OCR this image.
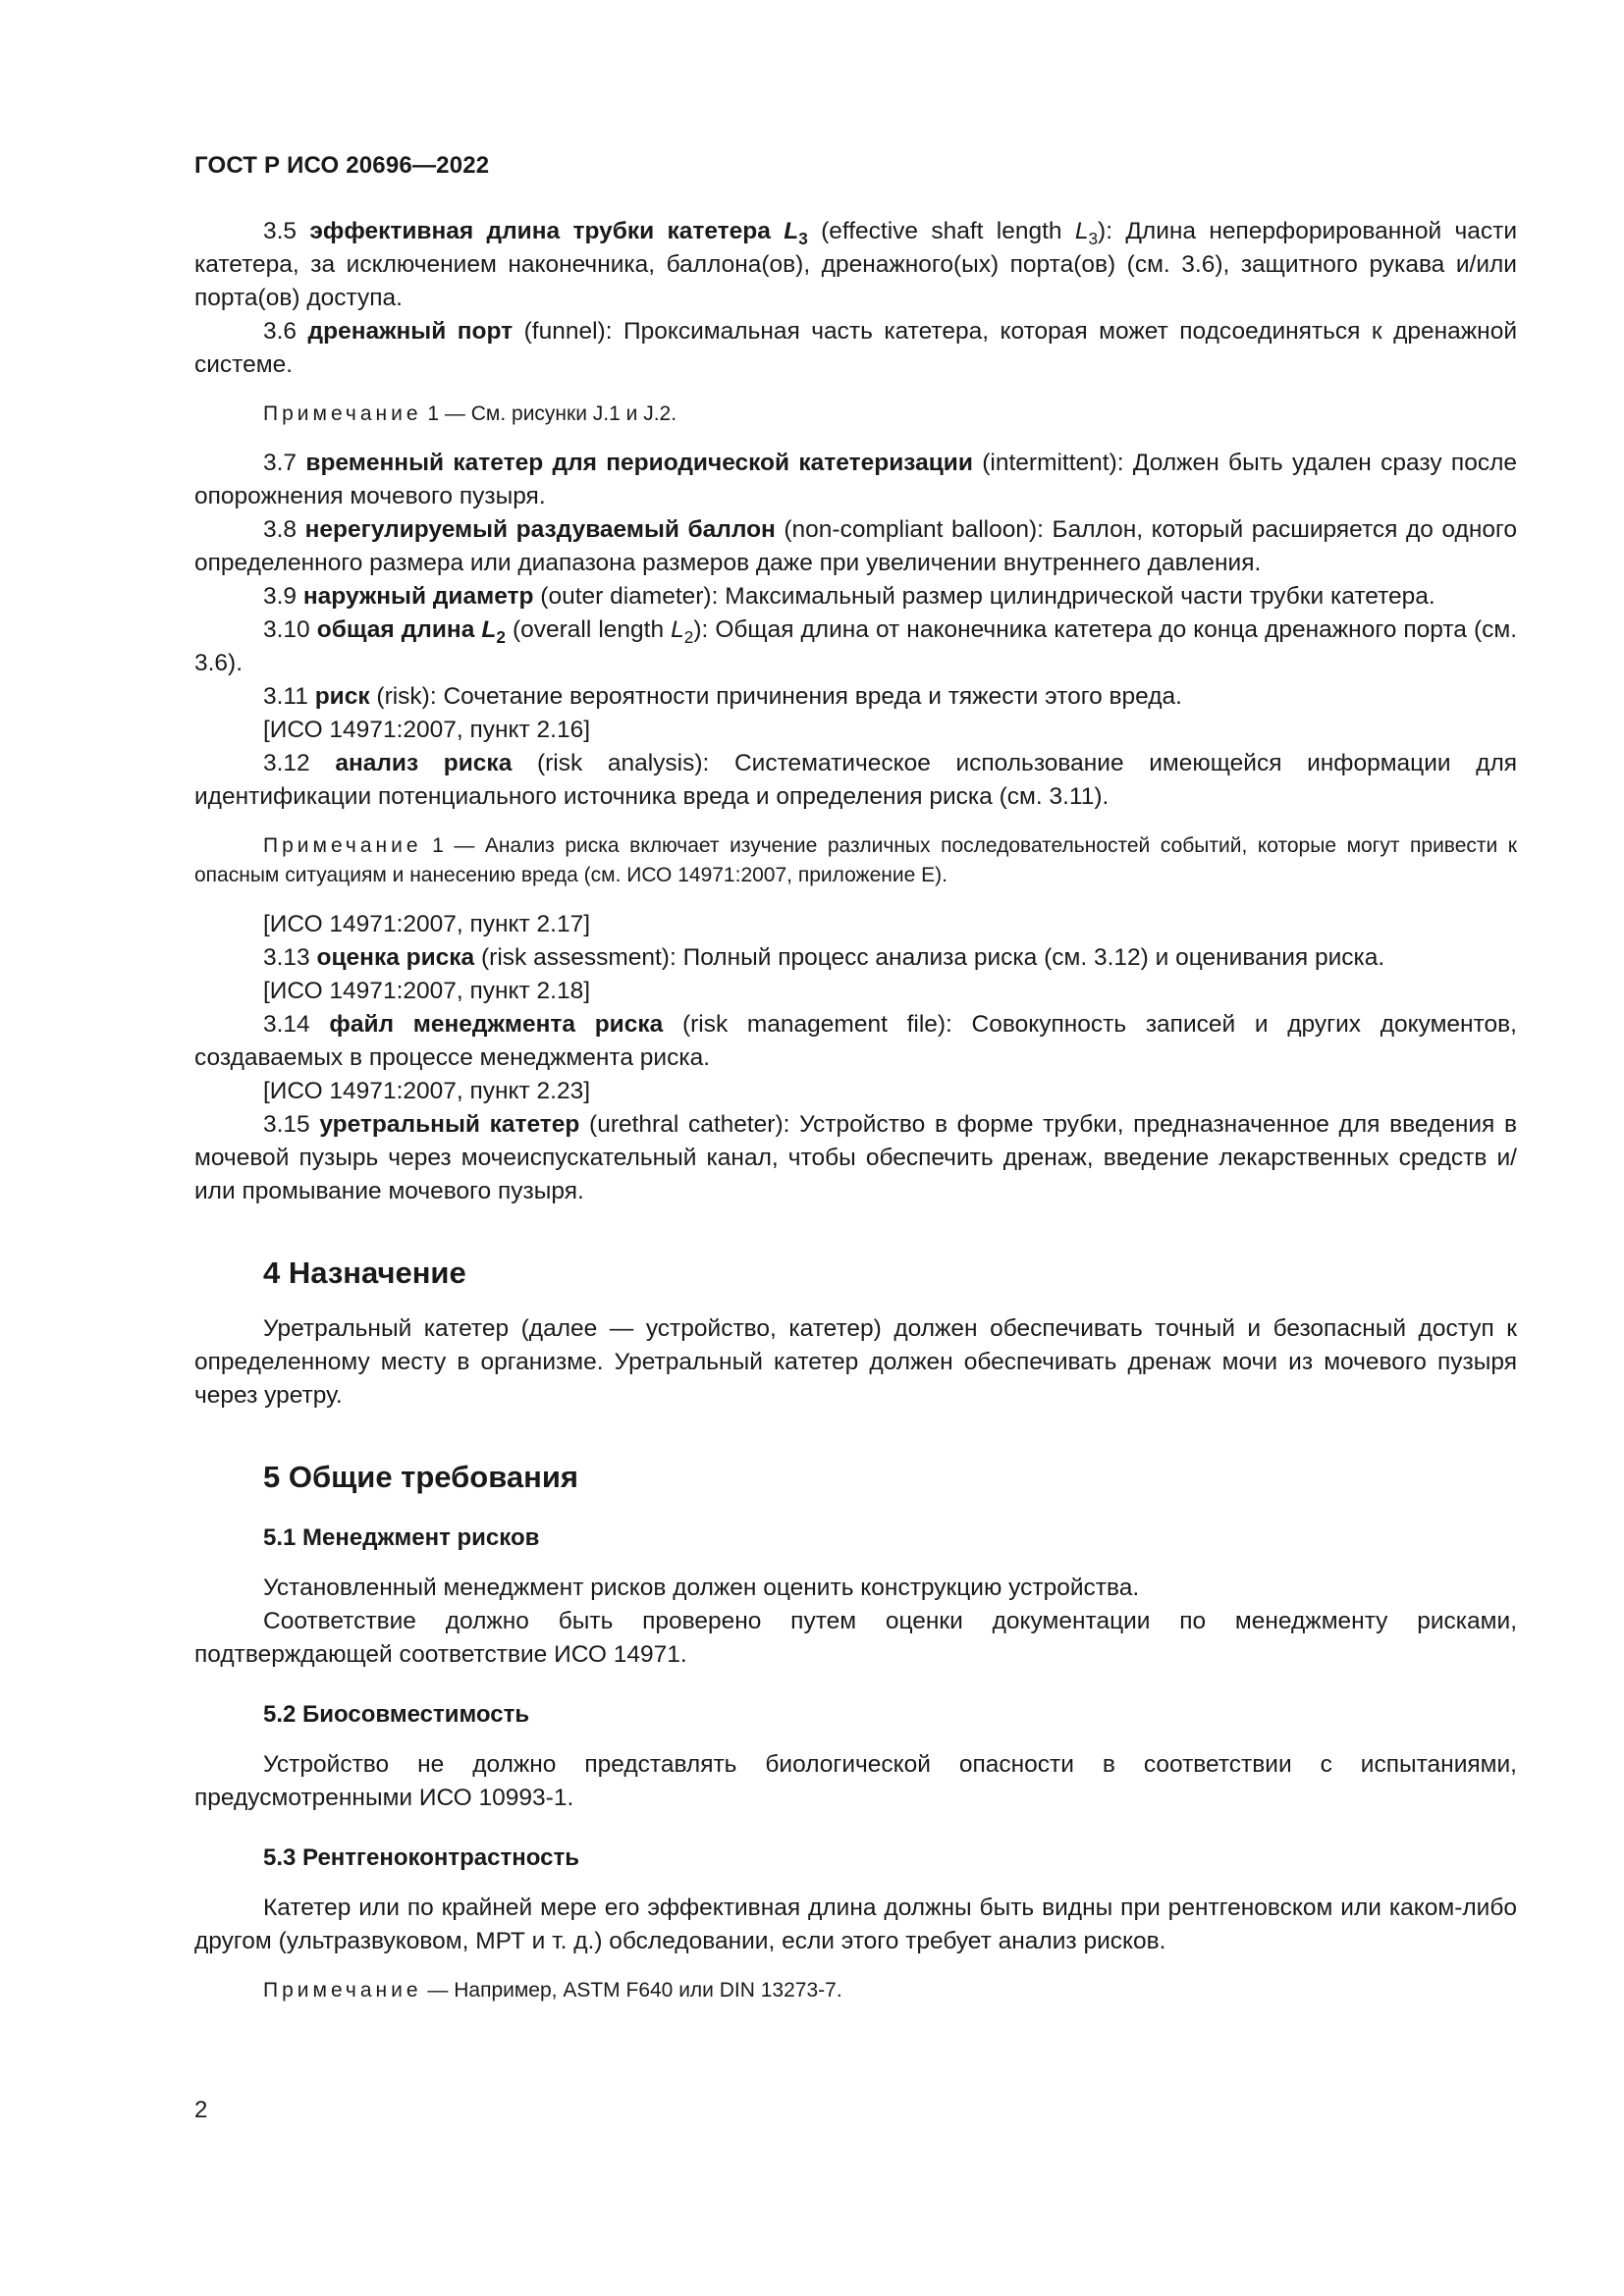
ГОСТ Р ИСО 20696—2022

3.5 эффективная длина трубки катетера $L_3$ (effective shaft length $L_3$): Длина неперфорированной части катетера, за исключением наконечника, баллона(ов), дренажного(ых) порта(ов) (см. 3.6), защитного рукава и/или порта(ов) доступа.

3.6 дренажный порт (funnel): Проксимальная часть катетера, которая может подсоединяться к дренажной системе.

Примечание 1 — См. рисунки J.1 и J.2.

3.7 временный катетер для периодической катетеризации (intermittent): Должен быть удален сразу после опорожнения мочевого пузыря.

3.8 нерегулируемый раздуваемый баллон (non-compliant balloon): Баллон, который расширяется до одного определенного размера или диапазона размеров даже при увеличении внутреннего давления.

3.9 наружный диаметр (outer diameter): Максимальный размер цилиндрической части трубки катетера.

3.10 общая длина $L_2$ (overall length $L_2$): Общая длина от наконечника катетера до конца дренажного порта (см. 3.6).

3.11 риск (risk): Сочетание вероятности причинения вреда и тяжести этого вреда.

[ИСО 14971:2007, пункт 2.16]

3.12 анализ риска (risk analysis): Систематическое использование имеющейся информации для идентификации потенциального источника вреда и определения риска (см. 3.11).

Примечание 1 — Анализ риска включает изучение различных последовательностей событий, которые могут привести к опасным ситуациям и нанесению вреда (см. ИСО 14971:2007, приложение E).

[ИСО 14971:2007, пункт 2.17]

3.13 оценка риска (risk assessment): Полный процесс анализа риска (см. 3.12) и оценивания риска.

[ИСО 14971:2007, пункт 2.18]

3.14 файл менеджмента риска (risk management file): Совокупность записей и других документов, создаваемых в процессе менеджмента риска.

[ИСО 14971:2007, пункт 2.23]

3.15 уретральный катетер (urethral catheter): Устройство в форме трубки, предназначенное для введения в мочевой пузырь через мочеиспускательный канал, чтобы обеспечить дренаж, введение лекарственных средств и/или промывание мочевого пузыря.

4 Назначение

Уретральный катетер (далее — устройство, катетер) должен обеспечивать точный и безопасный доступ к определенному месту в организме. Уретральный катетер должен обеспечивать дренаж мочи из мочевого пузыря через уретру.

5 Общие требования
5.1 Менеджмент рисков

Установленный менеджмент рисков должен оценить конструкцию устройства.

Соответствие должно быть проверено путем оценки документации по менеджменту рисками, подтверждающей соответствие ИСО 14971.

5.2 Биосовместимость

Устройство не должно представлять биологической опасности в соответствии с испытаниями, предусмотренными ИСО 10993-1.

5.3 Рентгеноконтрастность

Катетер или по крайней мере его эффективная длина должны быть видны при рентгеновском или каком-либо другом (ультразвуковом, МРТ и т. д.) обследовании, если этого требует анализ рисков.

Примечание — Например, ASTM F640 или DIN 13273-7.

2
